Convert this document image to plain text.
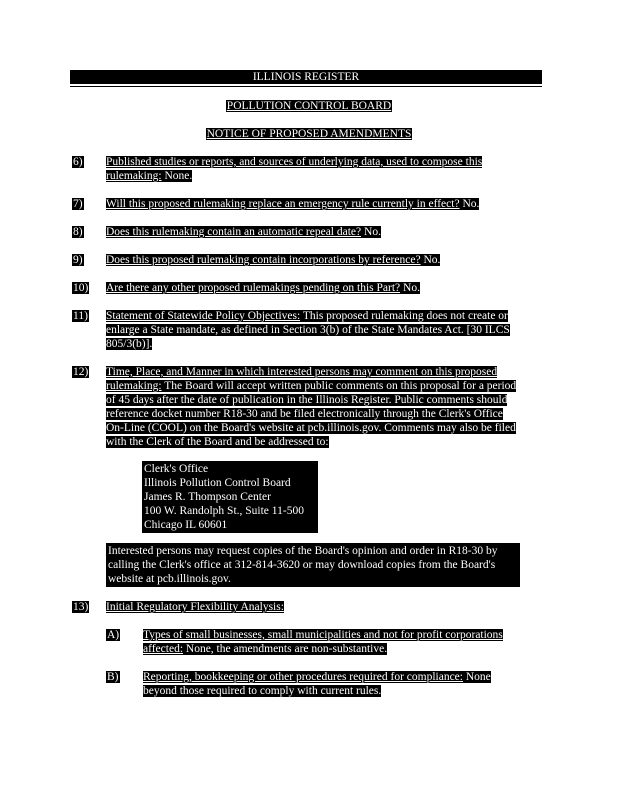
ILLINOIS REGISTER
POLLUTION CONTROL BOARD
NOTICE OF PROPOSED AMENDMENTS
6)	Published studies or reports, and sources of underlying data, used to compose this
rulemaking: None.
7)	Will this proposed rulemaking replace an emergency rule currently in effect? No.
8)	Does this rulemaking contain an automatic repeal date? No.
9)	Does this proposed rulemaking contain incorporations by reference? No.
10)	Are there any other proposed rulemakings pending on this Part? No.
11)	Statement of Statewide Policy Objectives: This proposed rulemaking does not create or
enlarge a State mandate, as defined in Section 3(b) of the State Mandates Act. [30 ILCS
805/3(b)].
12)	Time, Place, and Manner in which interested persons may comment on this proposed
rulemaking: The Board will accept written public comments on this proposal for a period
of 45 days after the date of publication in the Illinois Register. Public comments should
reference docket number R18-30 and be filed electronically through the Clerk's Office
On-Line (COOL) on the Board's website at pcb.illinois.gov. Comments may also be filed
with the Clerk of the Board and be addressed to:
Clerk's Office
Illinois Pollution Control Board
James R. Thompson Center
100 W. Randolph St., Suite 11-500
Chicago IL 60601
Interested persons may request copies of the Board's opinion and order in R18-30 by
calling the Clerk's office at 312-814-3620 or may download copies from the Board's
website at pcb.illinois.gov.
13)	Initial Regulatory Flexibility Analysis:
A)	Types of small businesses, small municipalities and not for profit corporations
affected: None, the amendments are non-substantive.
B)	Reporting, bookkeeping or other procedures required for compliance: None
beyond those required to comply with current rules.
